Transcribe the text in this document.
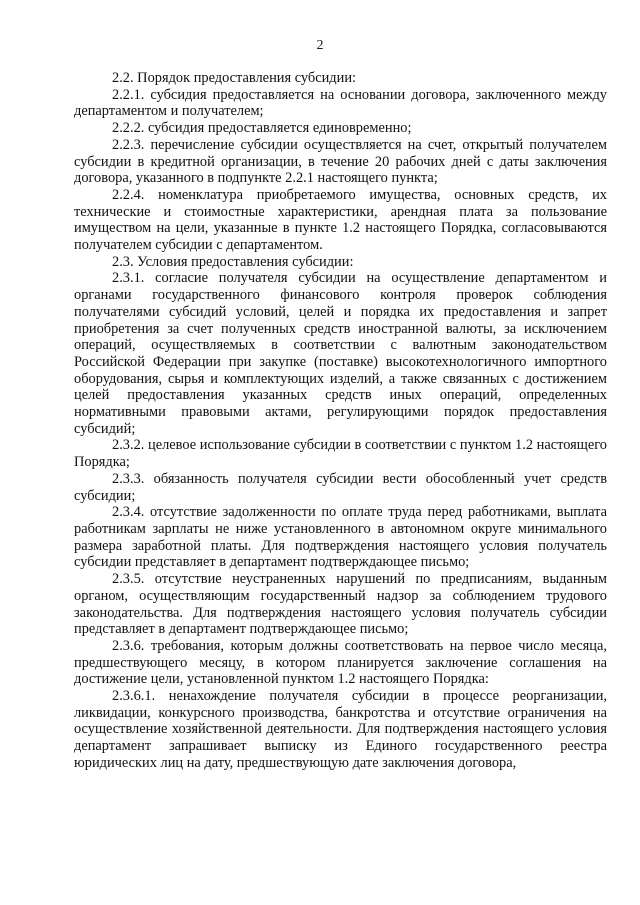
2

2.2. Порядок предоставления субсидии:

2.2.1. субсидия предоставляется на основании договора, заключенного между департаментом и получателем;

2.2.2. субсидия предоставляется единовременно;

2.2.3. перечисление субсидии осуществляется на счет, открытый получателем субсидии в кредитной организации, в течение 20 рабочих дней с даты заключения договора, указанного в подпункте 2.2.1 настоящего пункта;

2.2.4. номенклатура приобретаемого имущества, основных средств, их технические и стоимостные характеристики, арендная плата за пользование имуществом на цели, указанные в пункте 1.2 настоящего Порядка, согласовываются получателем субсидии с департаментом.

2.3. Условия предоставления субсидии:

2.3.1. согласие получателя субсидии на осуществление департаментом и органами государственного финансового контроля проверок соблюдения получателями субсидий условий, целей и порядка их предоставления и запрет приобретения за счет полученных средств иностранной валюты, за исключением операций, осуществляемых в соответствии с валютным законодательством Российской Федерации при закупке (поставке) высокотехнологичного импортного оборудования, сырья и комплектующих изделий, а также связанных с достижением целей предоставления указанных средств иных операций, определенных нормативными правовыми актами, регулирующими порядок предоставления субсидий;

2.3.2. целевое использование субсидии в соответствии с пунктом 1.2 настоящего Порядка;

2.3.3. обязанность получателя субсидии вести обособленный учет средств субсидии;

2.3.4. отсутствие задолженности по оплате труда перед работниками, выплата работникам зарплаты не ниже установленного в автономном округе минимального размера заработной платы. Для подтверждения настоящего условия получатель субсидии представляет в департамент подтверждающее письмо;

2.3.5. отсутствие неустраненных нарушений по предписаниям, выданным органом, осуществляющим государственный надзор за соблюдением трудового законодательства. Для подтверждения настоящего условия получатель субсидии представляет в департамент подтверждающее письмо;

2.3.6. требования, которым должны соответствовать на первое число месяца, предшествующего месяцу, в котором планируется заключение соглашения на достижение цели, установленной пунктом 1.2 настоящего Порядка:

2.3.6.1. ненахождение получателя субсидии в процессе реорганизации, ликвидации, конкурсного производства, банкротства и отсутствие ограничения на осуществление хозяйственной деятельности. Для подтверждения настоящего условия департамент запрашивает выписку из Единого государственного реестра юридических лиц на дату, предшествующую дате заключения договора,
